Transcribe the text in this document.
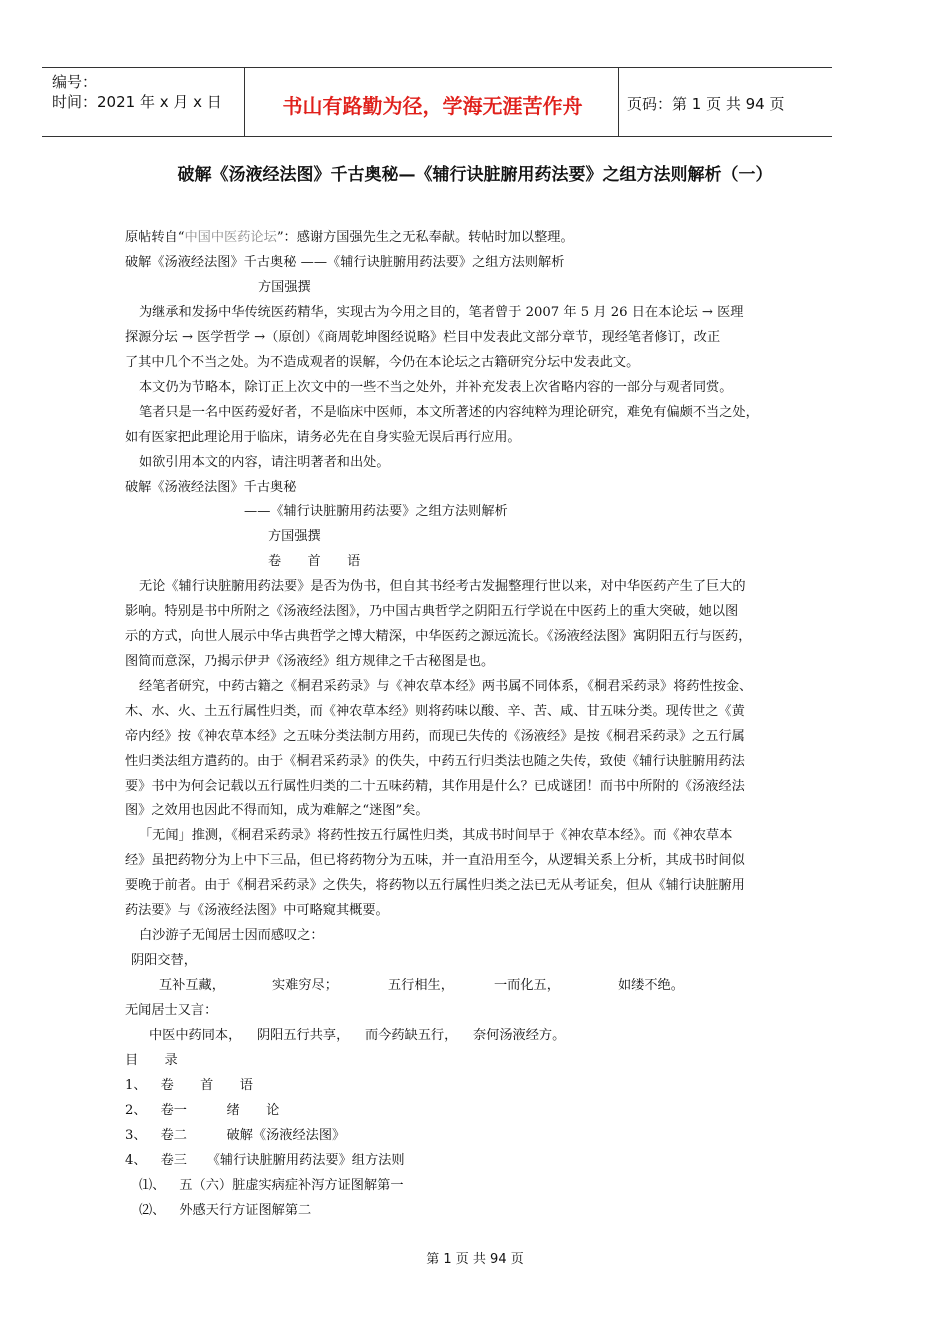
编号：
时间：2021 年 x 月 x 日	书山有路勤为径，学海无涯苦作舟	页码：第 1 页 共 94 页
破解《汤液经法图》千古奥秘—《辅行诀脏腑用药法要》之组方法则解析（一）
原帖转自“中国中医药论坛”：感谢方国强先生之无私奉献。转帖时加以整理。
破解《汤液经法图》千古奥秘 ——《辅行诀脏腑用药法要》之组方法则解析
方国强撰
为继承和发扬中华传统医药精华，实现古为今用之目的，笔者曾于 2007 年 5 月 26 日在本论坛 → 医理
探源分坛 → 医学哲学 →（原创）《商周乾坤图经说略》栏目中发表此文部分章节，现经笔者修订，改正
了其中几个不当之处。为不造成观者的误解，今仍在本论坛之古籍研究分坛中发表此文。
本文仍为节略本，除订正上次文中的一些不当之处外，并补充发表上次省略内容的一部分与观者同赏。
笔者只是一名中医药爱好者，不是临床中医师，本文所著述的内容纯粹为理论研究，难免有偏颇不当之处，
如有医家把此理论用于临床，请务必先在自身实验无误后再行应用。
如欲引用本文的内容，请注明著者和出处。
破解《汤液经法图》千古奥秘
——《辅行诀脏腑用药法要》之组方法则解析
方国强撰
卷　　首　　语
无论《辅行诀脏腑用药法要》是否为伪书，但自其书经考古发掘整理行世以来，对中华医药产生了巨大的
影响。特别是书中所附之《汤液经法图》，乃中国古典哲学之阴阳五行学说在中医药上的重大突破，她以图
示的方式，向世人展示中华古典哲学之博大精深，中华医药之源远流长。《汤液经法图》寓阴阳五行与医药，
图简而意深，乃揭示伊尹《汤液经》组方规律之千古秘图是也。
经笔者研究，中药古籍之《桐君采药录》与《神农草本经》两书属不同体系，《桐君采药录》将药性按金、
木、水、火、土五行属性归类，而《神农草本经》则将药味以酸、辛、苦、咸、甘五味分类。现传世之《黄
帝内经》按《神农草本经》之五味分类法制方用药，而现已失传的《汤液经》是按《桐君采药录》之五行属
性归类法组方遣药的。由于《桐君采药录》的佚失，中药五行归类法也随之失传，致使《辅行诀脏腑用药法
要》书中为何会记载以五行属性归类的二十五味药精，其作用是什么？已成谜团！而书中所附的《汤液经法
图》之效用也因此不得而知，成为难解之“迷图”矣。
「无闻」推测，《桐君采药录》将药性按五行属性归类，其成书时间早于《神农草本经》。而《神农草本
经》虽把药物分为上中下三品，但已将药物分为五味，并一直沿用至今，从逻辑关系上分析，其成书时间似
要晚于前者。由于《桐君采药录》之佚失，将药物以五行属性归类之法已无从考证矣，但从《辅行诀脏腑用
药法要》与《汤液经法图》中可略窥其概要。
白沙游子无闻居士因而感叹之：
阴阳交替，
互补互藏，	实难穷尽；	五行相生，	一而化五，	如缕不绝。
无闻居士又言：
中医中药同本， 阴阳五行共享， 而今药缺五行， 奈何汤液经方。
目　　录
1、 卷　　首　　语
2、 卷一　　　绪　　论
3、 卷二　　　破解《汤液经法图》
4、 卷三　　《辅行诀脏腑用药法要》组方法则
⑴、 五（六）脏虚实病症补泻方证图解第一
⑵、 外感天行方证图解第二
第 1 页 共 94 页
